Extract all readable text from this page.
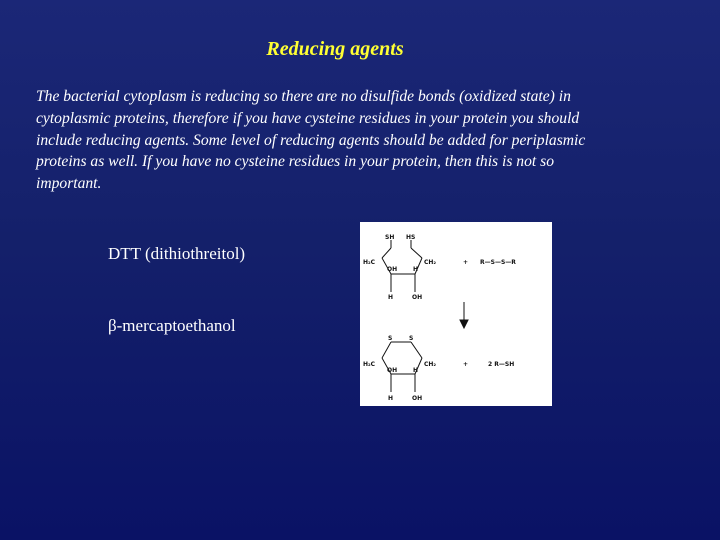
Reducing agents
The bacterial cytoplasm is reducing so there are no disulfide bonds (oxidized state) in cytoplasmic proteins, therefore if you have cysteine residues in your protein you should include reducing agents. Some level of reducing agents should be added for periplasmic proteins as well. If you have no cysteine residues in your protein, then this is not so important.
DTT (dithiothreitol)
β-mercaptoethanol
SH HS
H₂C	CH₂
OH	H
H	OH
+ R—S—S—R
S	S
H₂C	CH₂
OH	H
H	OH
+	2 R—SH
